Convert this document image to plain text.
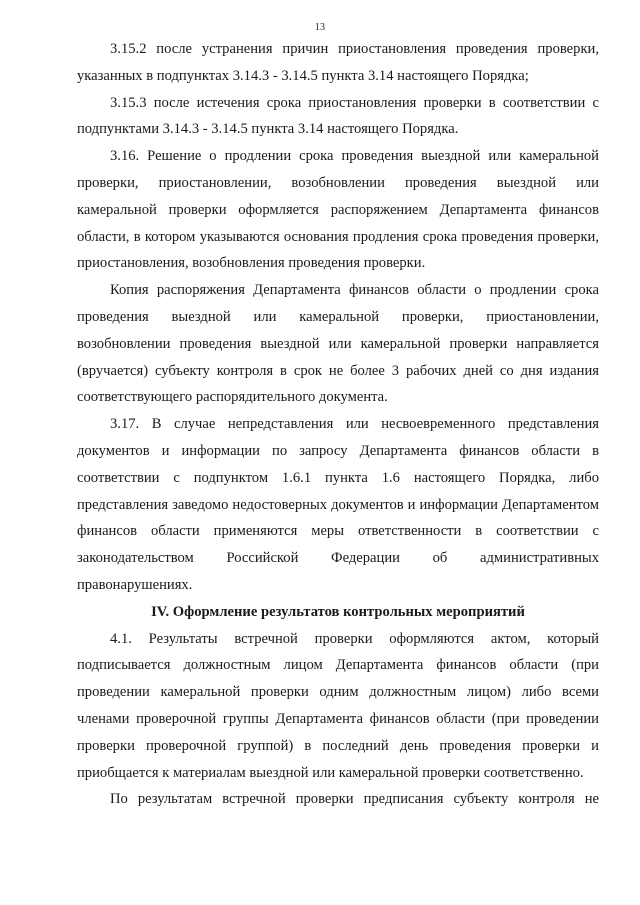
13

3.15.2 после устранения причин приостановления проведения проверки, указанных в подпунктах 3.14.3 - 3.14.5 пункта 3.14 настоящего Порядка;

3.15.3 после истечения срока приостановления проверки в соответствии с подпунктами 3.14.3 - 3.14.5 пункта 3.14 настоящего Порядка.

3.16. Решение о продлении срока проведения выездной или камеральной проверки, приостановлении, возобновлении проведения выездной или камеральной проверки оформляется распоряжением Департамента финансов области, в котором указываются основания продления срока проведения проверки, приостановления, возобновления проведения проверки.

Копия распоряжения Департамента финансов области о продлении срока проведения выездной или камеральной проверки, приостановлении, возобновлении проведения выездной или камеральной проверки направляется (вручается) субъекту контроля в срок не более 3 рабочих дней со дня издания соответствующего распорядительного документа.

3.17. В случае непредставления или несвоевременного представления документов и информации по запросу Департамента финансов области в соответствии с подпунктом 1.6.1 пункта 1.6 настоящего Порядка, либо представления заведомо недостоверных документов и информации Департаментом финансов области применяются меры ответственности в соответствии с законодательством Российской Федерации об административных правонарушениях.

IV. Оформление результатов контрольных мероприятий

4.1. Результаты встречной проверки оформляются актом, который подписывается должностным лицом Департамента финансов области (при проведении камеральной проверки одним должностным лицом) либо всеми членами проверочной группы Департамента финансов области (при проведении проверки проверочной группой) в последний день проведения проверки и приобщается к материалам выездной или камеральной проверки соответственно.

По результатам встречной проверки предписания субъекту контроля не
